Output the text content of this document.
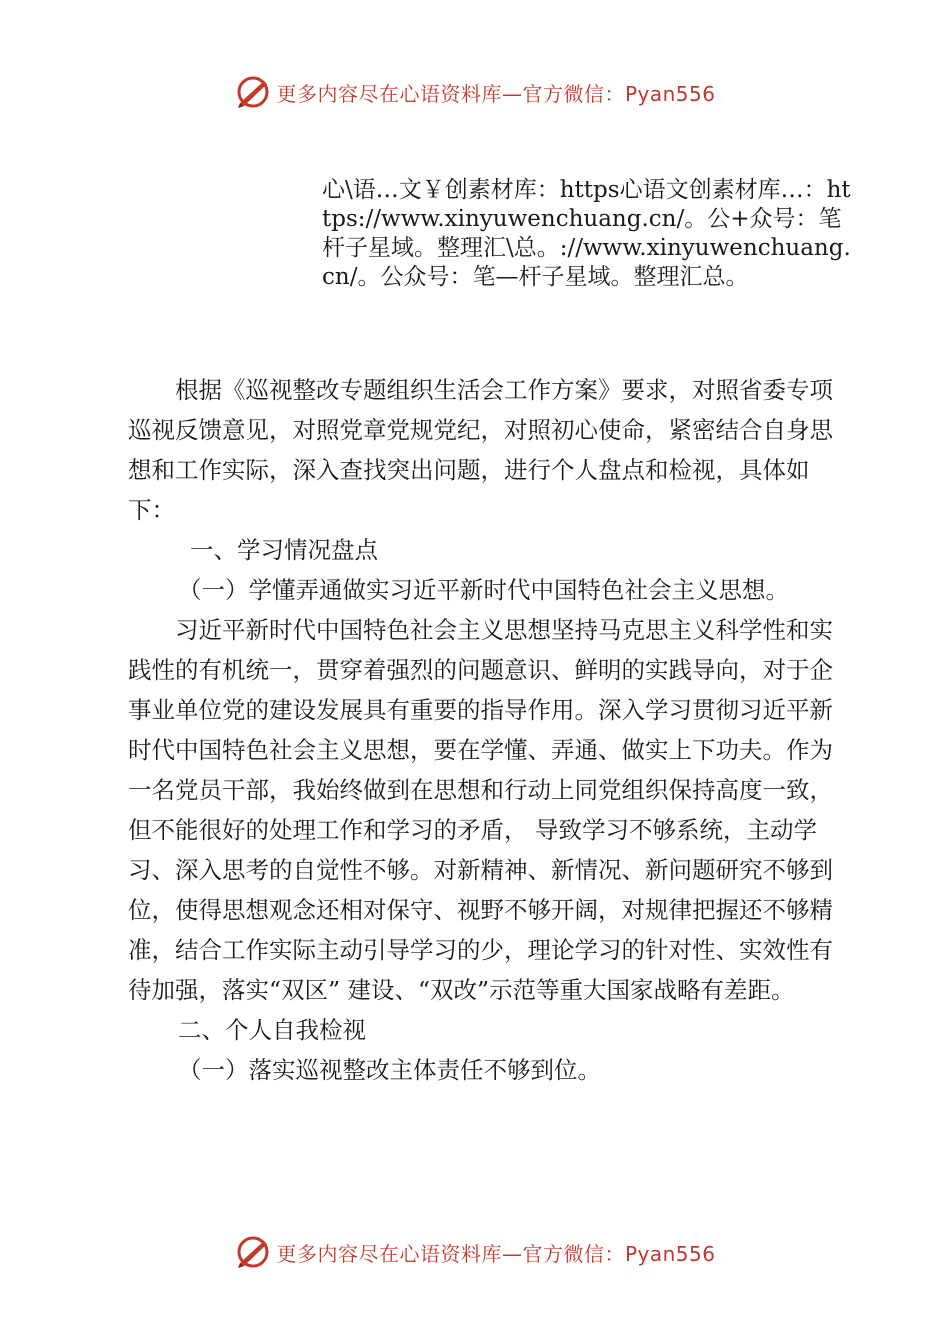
更多内容尽在心语资料库—官方微信：Pyan556
心\语…文￥创素材库：https心语文创素材库…：https://www.xinyuwenchuang.cn/。公+众号：笔杆子星域。整理汇\总。://www.xinyuwenchuang.cn/。公众号：笔—杆子星域。整理汇总。

根据《巡视整改专题组织生活会工作方案》要求，对照省委专项巡视反馈意见，对照党章党规党纪，对照初心使命，紧密结合自身思想和工作实际，深入查找突出问题，进行个人盘点和检视，具体如下：

一、学习情况盘点

（一）学懂弄通做实习近平新时代中国特色社会主义思想。

习近平新时代中国特色社会主义思想坚持马克思主义科学性和实践性的有机统一，贯穿着强烈的问题意识、鲜明的实践导向，对于企事业单位党的建设发展具有重要的指导作用。深入学习贯彻习近平新时代中国特色社会主义思想，要在学懂、弄通、做实上下功夫。作为一名党员干部，我始终做到在思想和行动上同党组织保持高度一致，但不能很好的处理工作和学习的矛盾， 导致学习不够系统，主动学习、深入思考的自觉性不够。对新精神、新情况、新问题研究不够到位，使得思想观念还相对保守、视野不够开阔，对规律把握还不够精准，结合工作实际主动引导学习的少，理论学习的针对性、实效性有待加强，落实“双区” 建设、“双改”示范等重大国家战略有差距。

二、个人自我检视

（一）落实巡视整改主体责任不够到位。

更多内容尽在心语资料库—官方微信：Pyan556
